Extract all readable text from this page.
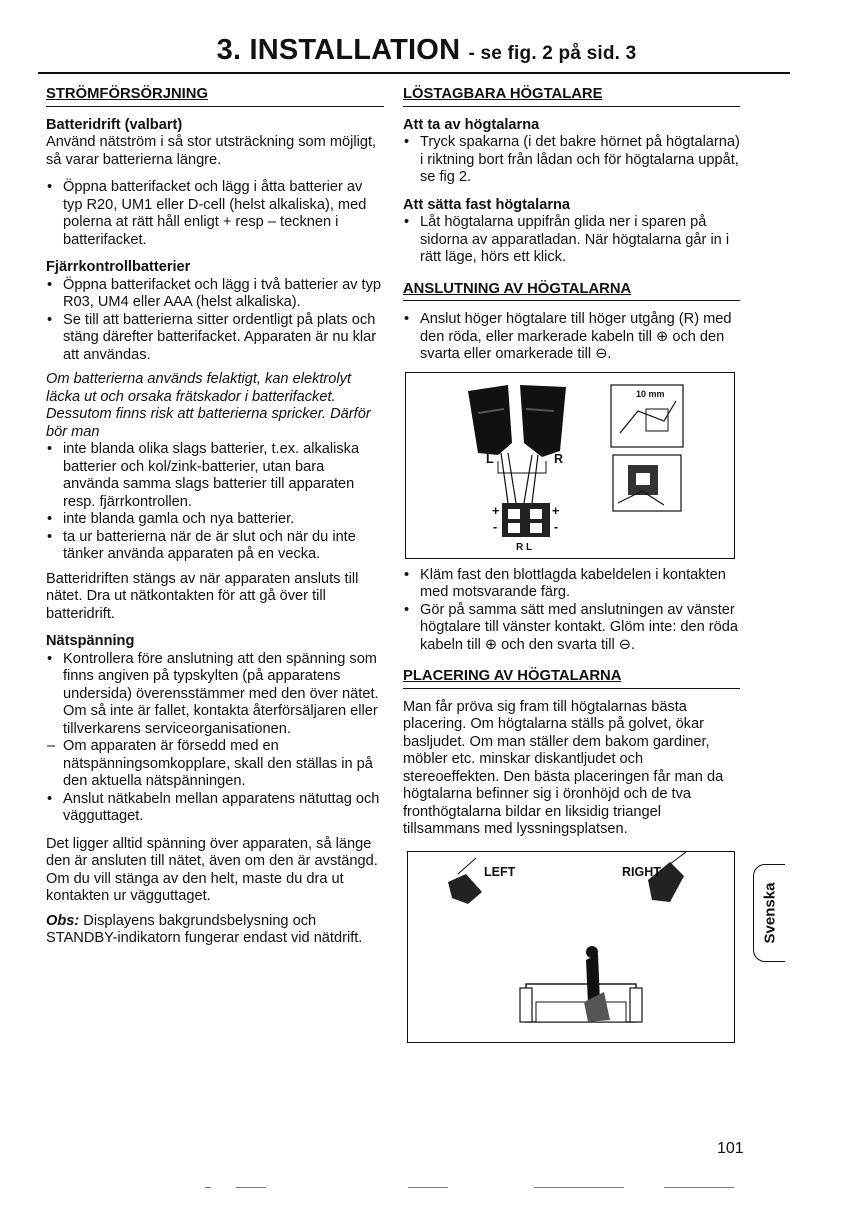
3. INSTALLATION - se fig. 2 på sid. 3
STRÖMFÖRSÖRJNING

Batteridrift (valbart)

Använd nätström i så stor utsträckning som möjligt, så varar batterierna längre.

• Öppna batterifacket och lägg i åtta batterier av typ R20, UM1 eller D-cell (helst alkaliska), med polerna at rätt håll enligt + resp – tecknen i batterifacket.

Fjärrkontrollbatterier

• Öppna batterifacket och lägg i två batterier av typ R03, UM4 eller AAA (helst alkaliska).
• Se till att batterierna sitter ordentligt på plats och stäng därefter batterifacket. Apparaten är nu klar att användas.

Om batterierna används felaktigt, kan elektrolyt läcka ut och orsaka frätskador i batterifacket. Dessutom finns risk att batterierna spricker. Därför bör man

• inte blanda olika slags batterier, t.ex. alkaliska batterier och kol/zink-batterier, utan bara använda samma slags batterier till apparaten resp. fjärrkontrollen.
• inte blanda gamla och nya batterier.
• ta ur batterierna när de är slut och när du inte tänker använda apparaten på en vecka.

Batteridriften stängs av när apparaten ansluts till nätet. Dra ut nätkontakten för att gå över till batteridrift.

Nätspänning

• Kontrollera före anslutning att den spänning som finns angiven på typskylten (på apparatens undersida) överensstämmer med den över nätet. Om så inte är fallet, kontakta återförsäljaren eller tillverkarens serviceorganisationen.
– Om apparaten är försedd med en nätspänningsomkopplare, skall den ställas in på den aktuella nätspänningen.
• Anslut nätkabeln mellan apparatens nätuttag och vägguttaget.

Det ligger alltid spänning över apparaten, så länge den är ansluten till nätet, även om den är avstängd. Om du vill stänga av den helt, maste du dra ut kontakten ur vägguttaget.

Obs: Displayens bakgrundsbelysning och STANDBY-indikatorn fungerar endast vid nätdrift.

LÖSTAGBARA HÖGTALARE

Att ta av högtalarna

• Tryck spakarna (i det bakre hörnet på högtalarna) i riktning bort från lådan och för högtalarna uppåt, se fig 2.

Att sätta fast högtalarna

• Låt högtalarna uppifrån glida ner i sparen på sidorna av apparatladan. När högtalarna går in i rätt läge, hörs ett klick.
ANSLUTNING AV HÖGTALARNA
• Anslut höger högtalare till höger utgång (R) med den röda, eller markerade kabeln till ⊕ och den svarta eller omarkerade till ⊖.
L	R
R L
10 mm
+	+
-	-
• Kläm fast den blottlagda kabeldelen i kontakten med motsvarande färg.
• Gör på samma sätt med anslutningen av vänster högtalare till vänster kontakt. Glöm inte: den röda kabeln till ⊕ och den svarta till ⊖.
PLACERING AV HÖGTALARNA

Man får pröva sig fram till högtalarnas bästa placering. Om högtalarna ställs på golvet, ökar basljudet. Om man ställer dem bakom gardiner, möbler etc. minskar diskantljudet och stereoeffekten. Den bästa placeringen får man da högtalarna befinner sig i öronhöjd och de tva fronthögtalarna bildar en liksidig triangel tillsammans med lyssningsplatsen.

LEFT	RIGHT
Svenska
101
